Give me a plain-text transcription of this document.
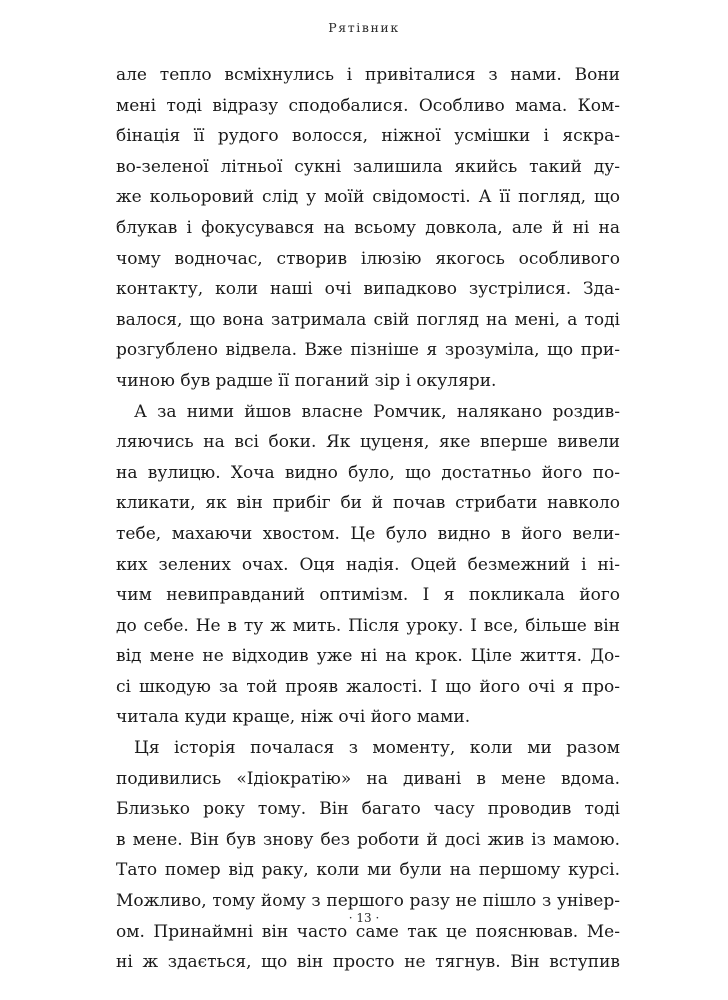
Рятівник
але тепло всміхнулись і привіталися з нами. Вони
мені тоді відразу сподобалися. Особливо мама. Ком-
бінація її рудого волосся, ніжної усмішки і яскра-
во-зеленої літньої сукні залишила якийсь такий ду-
же кольоровий слід у моїй свідомості. А її погляд, що
блукав і фокусувався на всьому довкола, але й ні на
чому водночас, створив ілюзію якогось особливого
контакту, коли наші очі випадково зустрілися. Зда-
валося, що вона затримала свій погляд на мені, а тоді
розгублено відвела. Вже пізніше я зрозуміла, що при-
чиною був радше її поганий зір і окуляри.
А за ними йшов власне Ромчик, налякано роздив-
ляючись на всі боки. Як цуценя, яке вперше вивели
на вулицю. Хоча видно було, що достатньо його по-
кликати, як він прибіг би й почав стрибати навколо
тебе, махаючи хвостом. Це було видно в його вели-
ких зелених очах. Оця надія. Оцей безмежний і ні-
чим невиправданий оптимізм. І я покликала його
до себе. Не в ту ж мить. Після уроку. І все, більше він
від мене не відходив уже ні на крок. Ціле життя. До-
сі шкодую за той прояв жалості. І що його очі я про-
читала куди краще, ніж очі його мами.
Ця історія почалася з моменту, коли ми разом
подивились «Ідіократію» на дивані в мене вдома.
Близько року тому. Він багато часу проводив тоді
в мене. Він був знову без роботи й досі жив із мамою.
Тато помер від раку, коли ми були на першому курсі.
Можливо, тому йому з першого разу не пішло з універ-
ом. Принаймні він часто саме так це пояснював. Ме-
ні ж здається, що він просто не тягнув. Він вступив
· 13 ·
